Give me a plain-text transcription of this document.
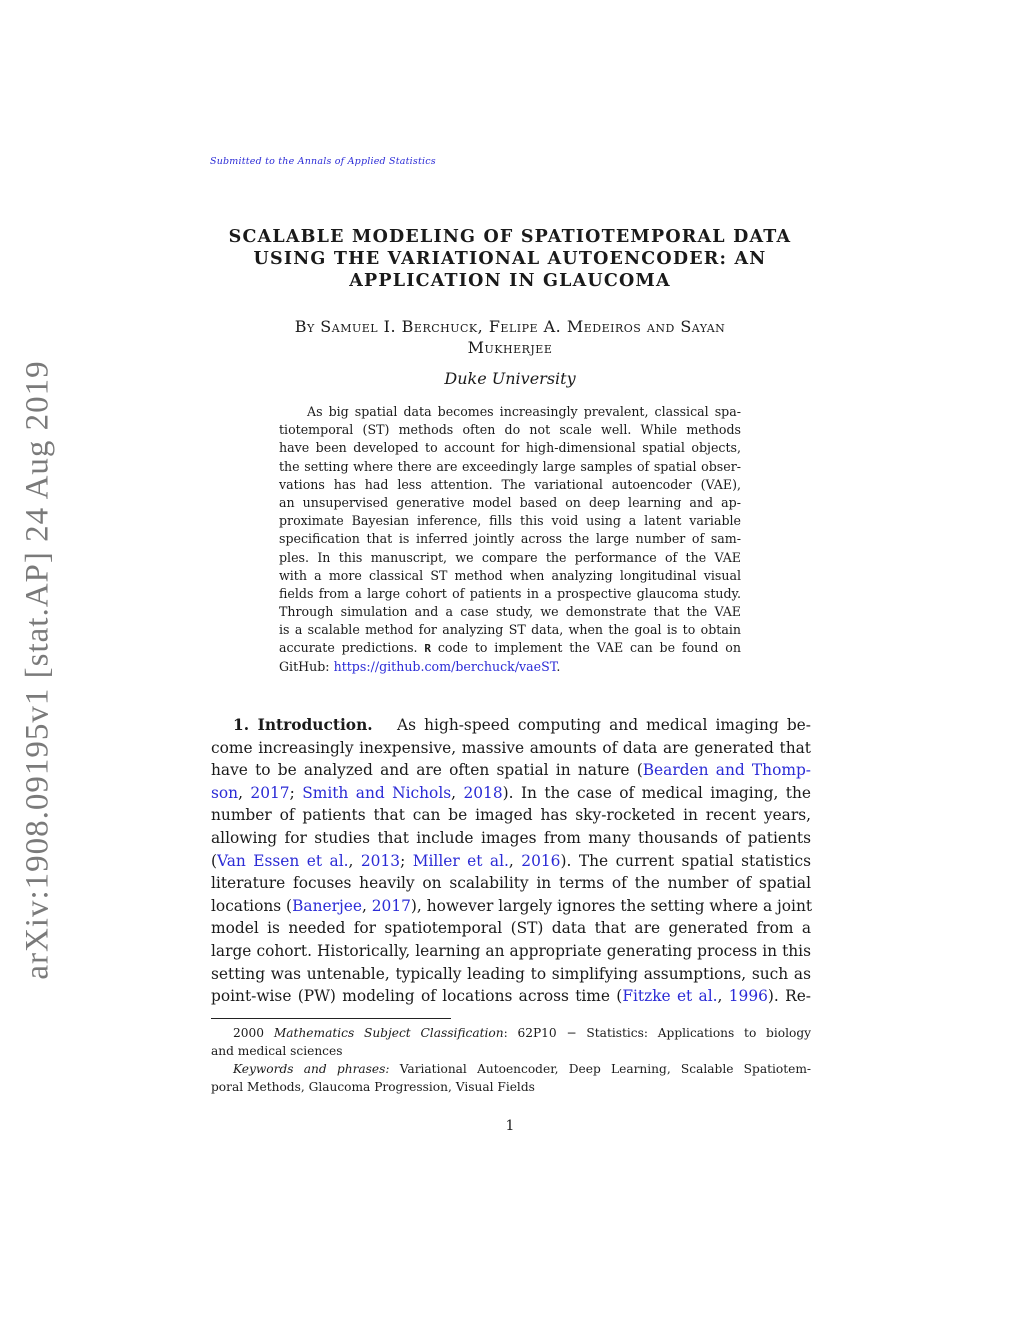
Submitted to the Annals of Applied Statistics
arXiv:1908.09195v1 [stat.AP] 24 Aug 2019
SCALABLE MODELING OF SPATIOTEMPORAL DATA
USING THE VARIATIONAL AUTOENCODER: AN
APPLICATION IN GLAUCOMA
By Samuel I. Berchuck, Felipe A. Medeiros and Sayan
Mukherjee
Duke University
As big spatial data becomes increasingly prevalent, classical spa-
tiotemporal (ST) methods often do not scale well. While methods
have been developed to account for high-dimensional spatial objects,
the setting where there are exceedingly large samples of spatial obser-
vations has had less attention. The variational autoencoder (VAE),
an unsupervised generative model based on deep learning and ap-
proximate Bayesian inference, fills this void using a latent variable
specification that is inferred jointly across the large number of sam-
ples. In this manuscript, we compare the performance of the VAE
with a more classical ST method when analyzing longitudinal visual
fields from a large cohort of patients in a prospective glaucoma study.
Through simulation and a case study, we demonstrate that the VAE
is a scalable method for analyzing ST data, when the goal is to obtain
accurate predictions. R code to implement the VAE can be found on
GitHub: https://github.com/berchuck/vaeST.
1. Introduction. As high-speed computing and medical imaging be-
come increasingly inexpensive, massive amounts of data are generated that
have to be analyzed and are often spatial in nature (Bearden and Thomp-
son, 2017; Smith and Nichols, 2018). In the case of medical imaging, the
number of patients that can be imaged has sky-rocketed in recent years,
allowing for studies that include images from many thousands of patients
(Van Essen et al., 2013; Miller et al., 2016). The current spatial statistics
literature focuses heavily on scalability in terms of the number of spatial
locations (Banerjee, 2017), however largely ignores the setting where a joint
model is needed for spatiotemporal (ST) data that are generated from a
large cohort. Historically, learning an appropriate generating process in this
setting was untenable, typically leading to simplifying assumptions, such as
point-wise (PW) modeling of locations across time (Fitzke et al., 1996). Re-
2000 Mathematics Subject Classification: 62P10 − Statistics: Applications to biology
and medical sciences
Keywords and phrases: Variational Autoencoder, Deep Learning, Scalable Spatiotem-
poral Methods, Glaucoma Progression, Visual Fields
1
